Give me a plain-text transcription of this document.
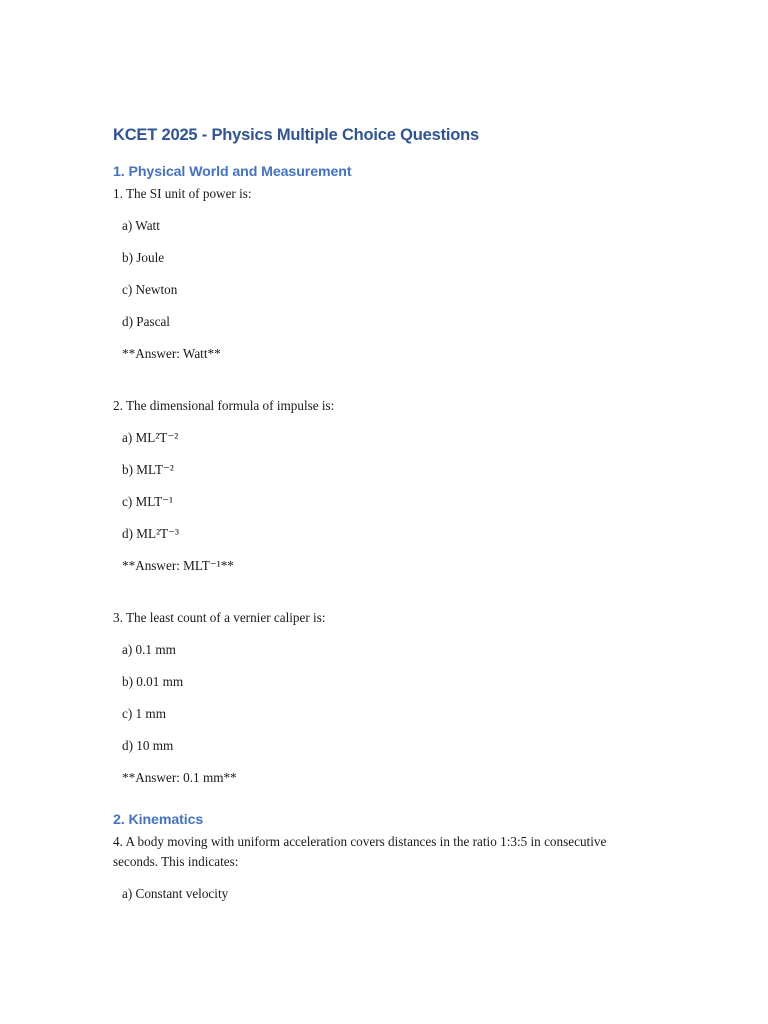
KCET 2025 - Physics Multiple Choice Questions
1. Physical World and Measurement

1. The SI unit of power is:

a) Watt

b) Joule

c) Newton

d) Pascal

**Answer: Watt**

2. The dimensional formula of impulse is:

a) ML²T⁻²

b) MLT⁻²

c) MLT⁻¹

d) ML²T⁻³

**Answer: MLT⁻¹**

3. The least count of a vernier caliper is:

a) 0.1 mm

b) 0.01 mm

c) 1 mm

d) 10 mm

**Answer: 0.1 mm**

2. Kinematics

4. A body moving with uniform acceleration covers distances in the ratio 1:3:5 in consecutive seconds. This indicates:

a) Constant velocity
